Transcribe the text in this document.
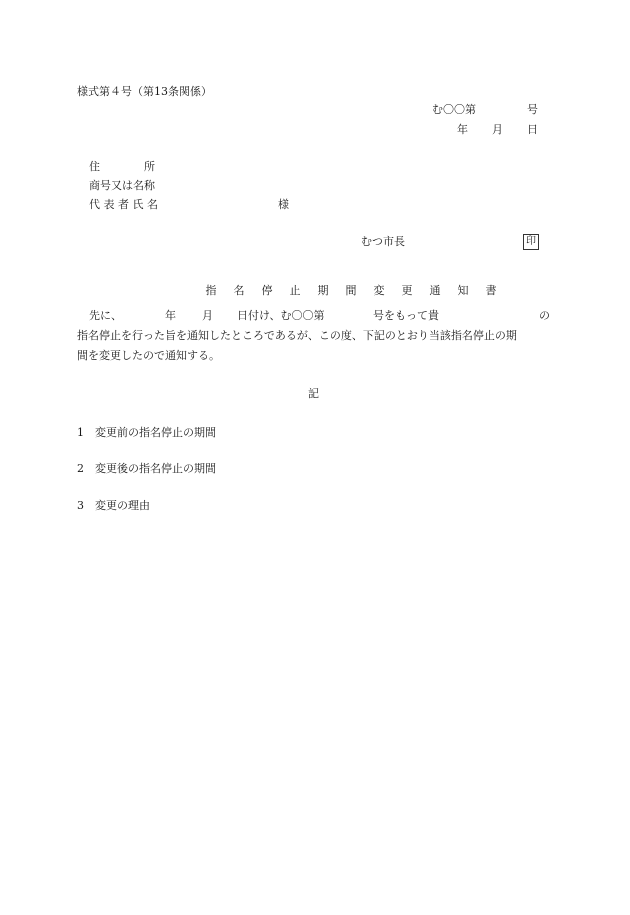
様式第４号（第13条関係）
む〇〇第	号
年 月 日
住　　　　所
商号又は名称
代 表 者 氏 名	様
むつ市長	印

指 名 停 止 期 間 変 更 通 知 書

先に、	年 月 日付け、む〇〇第	号をもって貴	の
指名停止を行った旨を通知したところであるが、この度、下記のとおり当該指名停止の期
間を変更したので通知する。
記
1 変更前の指名停止の期間
2 変更後の指名停止の期間
3 変更の理由
